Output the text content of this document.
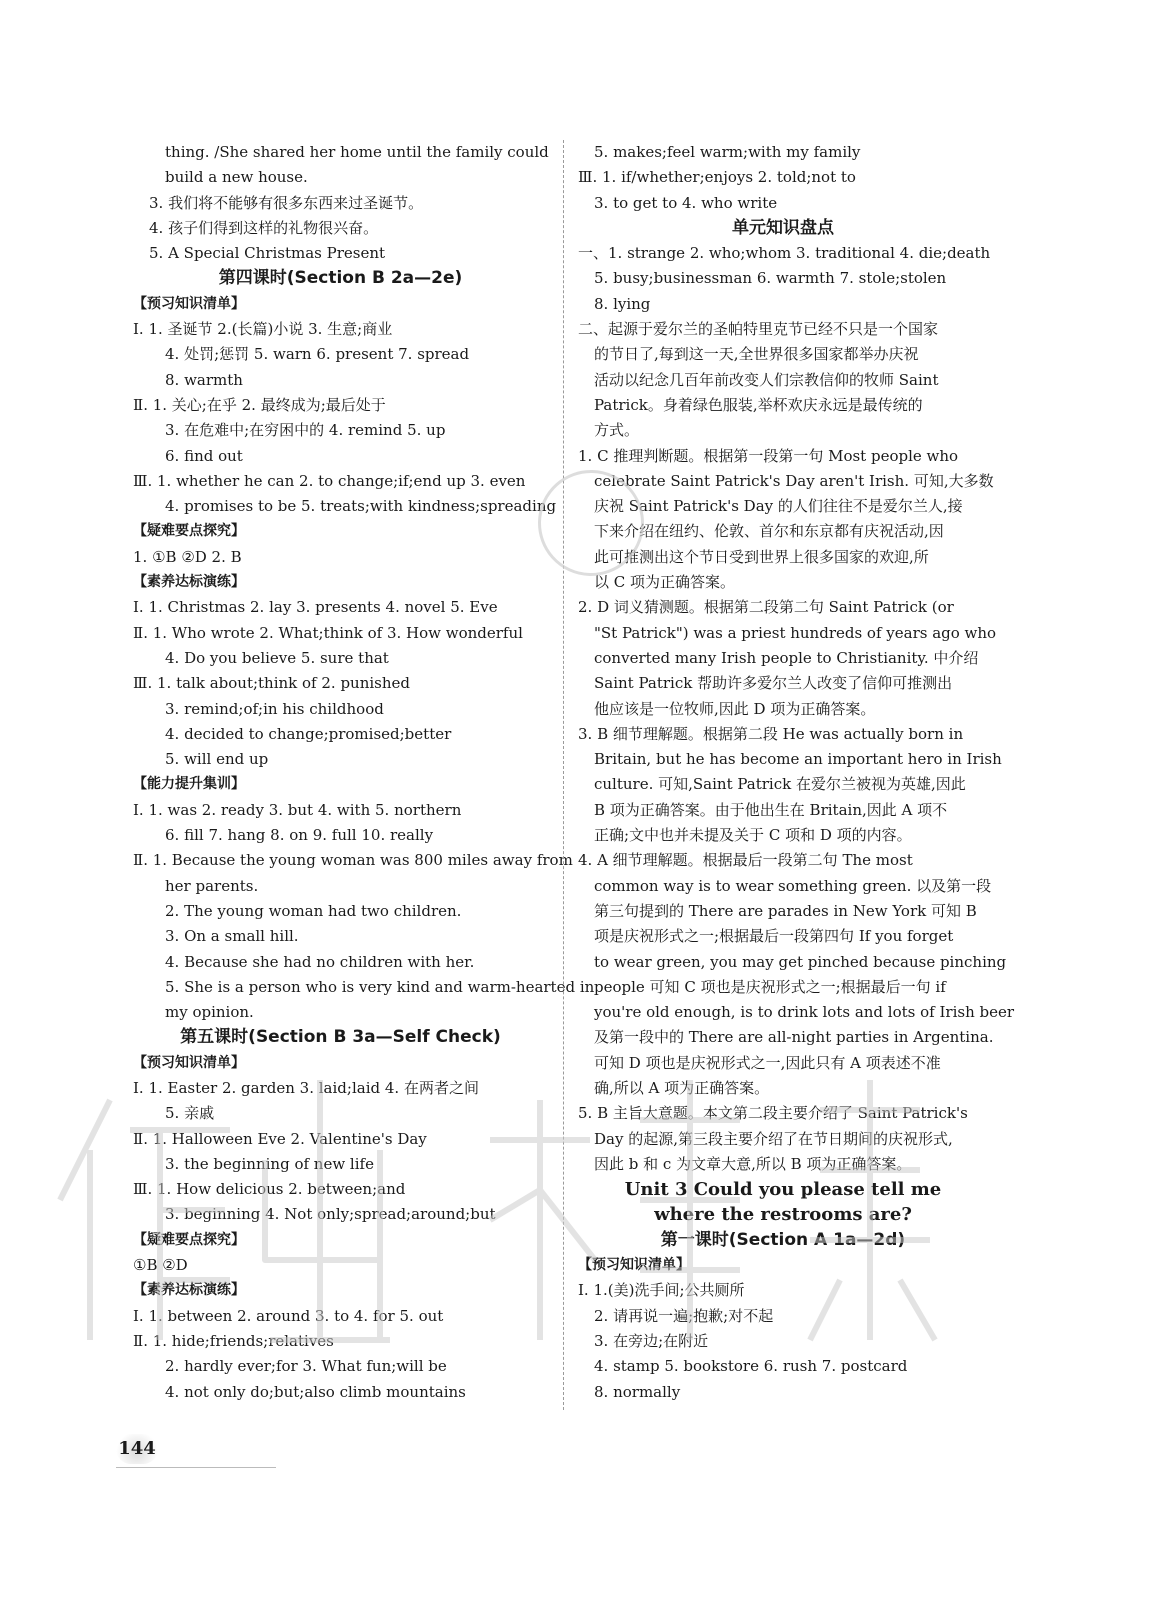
thing. /She shared her home until the family could
build a new house.
3. 我们将不能够有很多东西来过圣诞节。
4. 孩子们得到这样的礼物很兴奋。
5. A Special Christmas Present
第四课时(Section B 2a—2e)
【预习知识清单】
Ⅰ. 1. 圣诞节 2.(长篇)小说 3. 生意;商业
4. 处罚;惩罚 5. warn 6. present 7. spread
8. warmth
Ⅱ. 1. 关心;在乎 2. 最终成为;最后处于
3. 在危难中;在穷困中的 4. remind 5. up
6. find out
Ⅲ. 1. whether he can 2. to change;if;end up 3. even
4. promises to be 5. treats;with kindness;spreading
【疑难要点探究】
1. ①B ②D 2. B
【素养达标演练】
Ⅰ. 1. Christmas 2. lay 3. presents 4. novel 5. Eve
Ⅱ. 1. Who wrote 2. What;think of 3. How wonderful
4. Do you believe 5. sure that
Ⅲ. 1. talk about;think of 2. punished
3. remind;of;in his childhood
4. decided to change;promised;better
5. will end up
【能力提升集训】
Ⅰ. 1. was 2. ready 3. but 4. with 5. northern
6. fill 7. hang 8. on 9. full 10. really
Ⅱ. 1. Because the young woman was 800 miles away from
her parents.
2. The young woman had two children.
3. On a small hill.
4. Because she had no children with her.
5. She is a person who is very kind and warm-hearted in
my opinion.
第五课时(Section B 3a—Self Check)
【预习知识清单】
Ⅰ. 1. Easter 2. garden 3. laid;laid 4. 在两者之间
5. 亲戚
Ⅱ. 1. Halloween Eve 2. Valentine's Day
3. the beginning of new life
Ⅲ. 1. How delicious 2. between;and
3. beginning 4. Not only;spread;around;but
【疑难要点探究】
①B ②D
【素养达标演练】
Ⅰ. 1. between 2. around 3. to 4. for 5. out
Ⅱ. 1. hide;friends;relatives
2. hardly ever;for 3. What fun;will be
4. not only do;but;also climb mountains
5. makes;feel warm;with my family
Ⅲ. 1. if/whether;enjoys 2. told;not to
3. to get to 4. who write
单元知识盘点
一、1. strange 2. who;whom 3. traditional 4. die;death
5. busy;businessman 6. warmth 7. stole;stolen
8. lying
二、起源于爱尔兰的圣帕特里克节已经不只是一个国家
的节日了,每到这一天,全世界很多国家都举办庆祝
活动以纪念几百年前改变人们宗教信仰的牧师 Saint
Patrick。身着绿色服装,举杯欢庆永远是最传统的
方式。
1. C 推理判断题。根据第一段第一句 Most people who
celebrate Saint Patrick's Day aren't Irish. 可知,大多数
庆祝 Saint Patrick's Day 的人们往往不是爱尔兰人,接
下来介绍在纽约、伦敦、首尔和东京都有庆祝活动,因
此可推测出这个节日受到世界上很多国家的欢迎,所
以 C 项为正确答案。
2. D 词义猜测题。根据第二段第二句 Saint Patrick (or
"St Patrick") was a priest hundreds of years ago who
converted many Irish people to Christianity. 中介绍
Saint Patrick 帮助许多爱尔兰人改变了信仰可推测出
他应该是一位牧师,因此 D 项为正确答案。
3. B 细节理解题。根据第二段 He was actually born in
Britain, but he has become an important hero in Irish
culture. 可知,Saint Patrick 在爱尔兰被视为英雄,因此
B 项为正确答案。由于他出生在 Britain,因此 A 项不
正确;文中也并未提及关于 C 项和 D 项的内容。
4. A 细节理解题。根据最后一段第二句 The most
common way is to wear something green. 以及第一段
第三句提到的 There are parades in New York 可知 B
项是庆祝形式之一;根据最后一段第四句 If you forget
to wear green, you may get pinched because pinching
people 可知 C 项也是庆祝形式之一;根据最后一句 if
you're old enough, is to drink lots and lots of Irish beer
及第一段中的 There are all-night parties in Argentina.
可知 D 项也是庆祝形式之一,因此只有 A 项表述不准
确,所以 A 项为正确答案。
5. B 主旨大意题。本文第二段主要介绍了 Saint Patrick's
Day 的起源,第三段主要介绍了在节日期间的庆祝形式,
因此 b 和 c 为文章大意,所以 B 项为正确答案。
Unit 3 Could you please tell me
where the restrooms are?
第一课时(Section A 1a—2d)
【预习知识清单】
Ⅰ. 1.(美)洗手间;公共厕所
2. 请再说一遍;抱歉;对不起
3. 在旁边;在附近
4. stamp 5. bookstore 6. rush 7. postcard
8. normally
144
